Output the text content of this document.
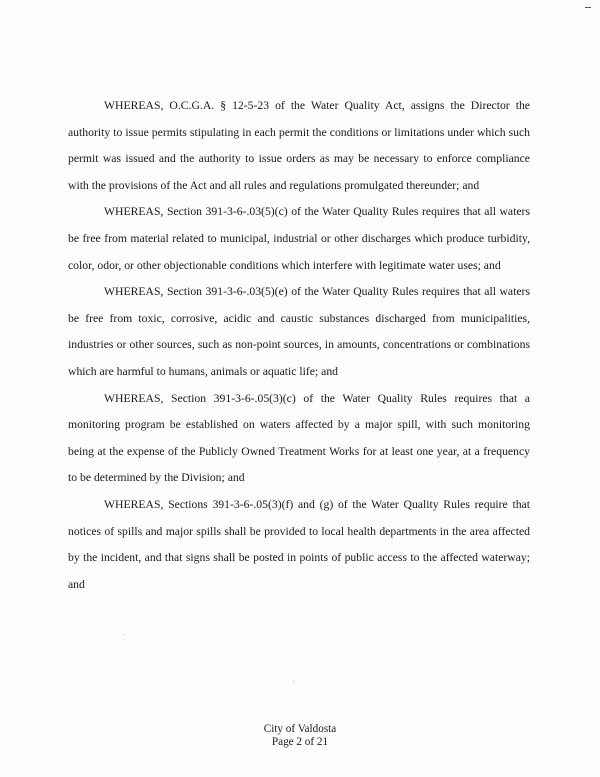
WHEREAS, O.C.G.A. § 12-5-23 of the Water Quality Act, assigns the Director the authority to issue permits stipulating in each permit the conditions or limitations under which such permit was issued and the authority to issue orders as may be necessary to enforce compliance with the provisions of the Act and all rules and regulations promulgated thereunder; and

WHEREAS, Section 391-3-6-.03(5)(c) of the Water Quality Rules requires that all waters be free from material related to municipal, industrial or other discharges which produce turbidity, color, odor, or other objectionable conditions which interfere with legitimate water uses; and

WHEREAS, Section 391-3-6-.03(5)(e) of the Water Quality Rules requires that all waters be free from toxic, corrosive, acidic and caustic substances discharged from municipalities, industries or other sources, such as non-point sources, in amounts, concentrations or combinations which are harmful to humans, animals or aquatic life; and

WHEREAS, Section 391-3-6-.05(3)(c) of the Water Quality Rules requires that a monitoring program be established on waters affected by a major spill, with such monitoring being at the expense of the Publicly Owned Treatment Works for at least one year, at a frequency to be determined by the Division; and

WHEREAS, Sections 391-3-6-.05(3)(f) and (g) of the Water Quality Rules require that notices of spills and major spills shall be provided to local health departments in the area affected by the incident, and that signs shall be posted in points of public access to the affected waterway; and

City of Valdosta
Page 2 of 21
